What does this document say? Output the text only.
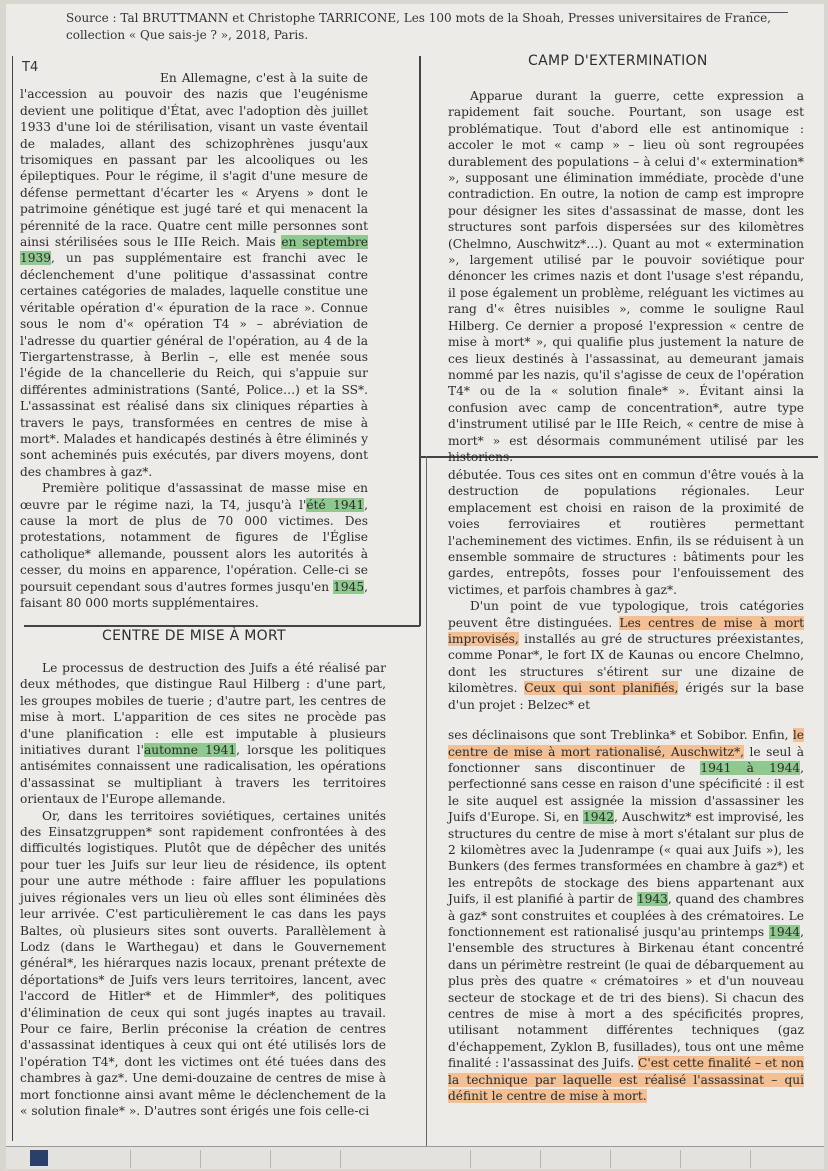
Source : Tal BRUTTMANN et Christophe TARRICONE, Les 100 mots de la Shoah, Presses universitaires de France,
collection « Que sais-je ? », 2018, Paris.
T4

En Allemagne, c'est à la suite de l'accession au pouvoir des nazis que l'eugénisme devient une politique d'État, avec l'adoption dès juillet 1933 d'une loi de stérilisation, visant un vaste éventail de malades, allant des schizophrènes jusqu'aux trisomiques en passant par les alcooliques ou les épileptiques. Pour le régime, il s'agit d'une mesure de défense permettant d'écarter les « Aryens » dont le patrimoine génétique est jugé taré et qui menacent la pérennité de la race. Quatre cent mille personnes sont ainsi stérilisées sous le IIIe Reich. Mais en septembre 1939, un pas supplémentaire est franchi avec le déclenchement d'une politique d'assassinat contre certaines catégories de malades, laquelle constitue une véritable opération d'« épuration de la race ». Connue sous le nom d'« opération T4 » – abréviation de l'adresse du quartier général de l'opération, au 4 de la Tiergartenstrasse, à Berlin –, elle est menée sous l'égide de la chancellerie du Reich, qui s'appuie sur différentes administrations (Santé, Police…) et la SS*. L'assassinat est réalisé dans six cliniques réparties à travers le pays, transformées en centres de mise à mort*. Malades et handicapés destinés à être éliminés y sont acheminés puis exécutés, par divers moyens, dont des chambres à gaz*.

Première politique d'assassinat de masse mise en œuvre par le régime nazi, la T4, jusqu'à l'été 1941, cause la mort de plus de 70 000 victimes. Des protestations, notamment de figures de l'Église catholique* allemande, poussent alors les autorités à cesser, du moins en apparence, l'opération. Celle-ci se poursuit cependant sous d'autres formes jusqu'en 1945, faisant 80 000 morts supplémentaires.

CAMP D'EXTERMINATION

Apparue durant la guerre, cette expression a rapidement fait souche. Pourtant, son usage est problématique. Tout d'abord elle est antinomique : accoler le mot « camp » – lieu où sont regroupées durablement des populations – à celui d'« extermination* », supposant une élimination immédiate, procède d'une contradiction. En outre, la notion de camp est impropre pour désigner les sites d'assassinat de masse, dont les structures sont parfois dispersées sur des kilomètres (Chelmno, Auschwitz*…). Quant au mot « extermination », largement utilisé par le pouvoir soviétique pour dénoncer les crimes nazis et dont l'usage s'est répandu, il pose également un problème, reléguant les victimes au rang d'« êtres nuisibles », comme le souligne Raul Hilberg. Ce dernier a proposé l'expression « centre de mise à mort* », qui qualifie plus justement la nature de ces lieux destinés à l'assassinat, au demeurant jamais nommé par les nazis, qu'il s'agisse de ceux de l'opération T4* ou de la « solution finale* ». Évitant ainsi la confusion avec camp de concentration*, autre type d'instrument utilisé par le IIIe Reich, « centre de mise à mort* » est désormais communément utilisé par les historiens.

CENTRE DE MISE À MORT

Le processus de destruction des Juifs a été réalisé par deux méthodes, que distingue Raul Hilberg : d'une part, les groupes mobiles de tuerie ; d'autre part, les centres de mise à mort. L'apparition de ces sites ne procède pas d'une planification : elle est imputable à plusieurs initiatives durant l'automne 1941, lorsque les politiques antisémites connaissent une radicalisation, les opérations d'assassinat se multipliant à travers les territoires orientaux de l'Europe allemande.

Or, dans les territoires soviétiques, certaines unités des Einsatzgruppen* sont rapidement confrontées à des difficultés logistiques. Plutôt que de dépêcher des unités pour tuer les Juifs sur leur lieu de résidence, ils optent pour une autre méthode : faire affluer les populations juives régionales vers un lieu où elles sont éliminées dès leur arrivée. C'est particulièrement le cas dans les pays Baltes, où plusieurs sites sont ouverts. Parallèlement à Lodz (dans le Warthegau) et dans le Gouvernement général*, les hiérarques nazis locaux, prenant prétexte de déportations* de Juifs vers leurs territoires, lancent, avec l'accord de Hitler* et de Himmler*, des politiques d'élimination de ceux qui sont jugés inaptes au travail. Pour ce faire, Berlin préconise la création de centres d'assassinat identiques à ceux qui ont été utilisés lors de l'opération T4*, dont les victimes ont été tuées dans des chambres à gaz*. Une demi-douzaine de centres de mise à mort fonctionne ainsi avant même le déclenchement de la « solution finale* ». D'autres sont érigés une fois celle-ci

débutée. Tous ces sites ont en commun d'être voués à la destruction de populations régionales. Leur emplacement est choisi en raison de la proximité de voies ferroviaires et routières permettant l'acheminement des victimes. Enfin, ils se réduisent à un ensemble sommaire de structures : bâtiments pour les gardes, entrepôts, fosses pour l'enfouissement des victimes, et parfois chambres à gaz*.

D'un point de vue typologique, trois catégories peuvent être distinguées. Les centres de mise à mort improvisés, installés au gré de structures préexistantes, comme Ponar*, le fort IX de Kaunas ou encore Chelmno, dont les structures s'étirent sur une dizaine de kilomètres. Ceux qui sont planifiés, érigés sur la base d'un projet : Belzec* et

ses déclinaisons que sont Treblinka* et Sobibor. Enfin, le centre de mise à mort rationalisé, Auschwitz*, le seul à fonctionner sans discontinuer de 1941 à 1944, perfectionné sans cesse en raison d'une spécificité : il est le site auquel est assignée la mission d'assassiner les Juifs d'Europe. Si, en 1942, Auschwitz* est improvisé, les structures du centre de mise à mort s'étalant sur plus de 2 kilomètres avec la Judenrampe (« quai aux Juifs »), les Bunkers (des fermes transformées en chambre à gaz*) et les entrepôts de stockage des biens appartenant aux Juifs, il est planifié à partir de 1943, quand des chambres à gaz* sont construites et couplées à des crématoires. Le fonctionnement est rationalisé jusqu'au printemps 1944, l'ensemble des structures à Birkenau étant concentré dans un périmètre restreint (le quai de débarquement au plus près des quatre « crématoires » et d'un nouveau secteur de stockage et de tri des biens). Si chacun des centres de mise à mort a des spécificités propres, utilisant notamment différentes techniques (gaz d'échappement, Zyklon B, fusillades), tous ont une même finalité : l'assassinat des Juifs. C'est cette finalité – et non la technique par laquelle est réalisé l'assassinat – qui définit le centre de mise à mort.
